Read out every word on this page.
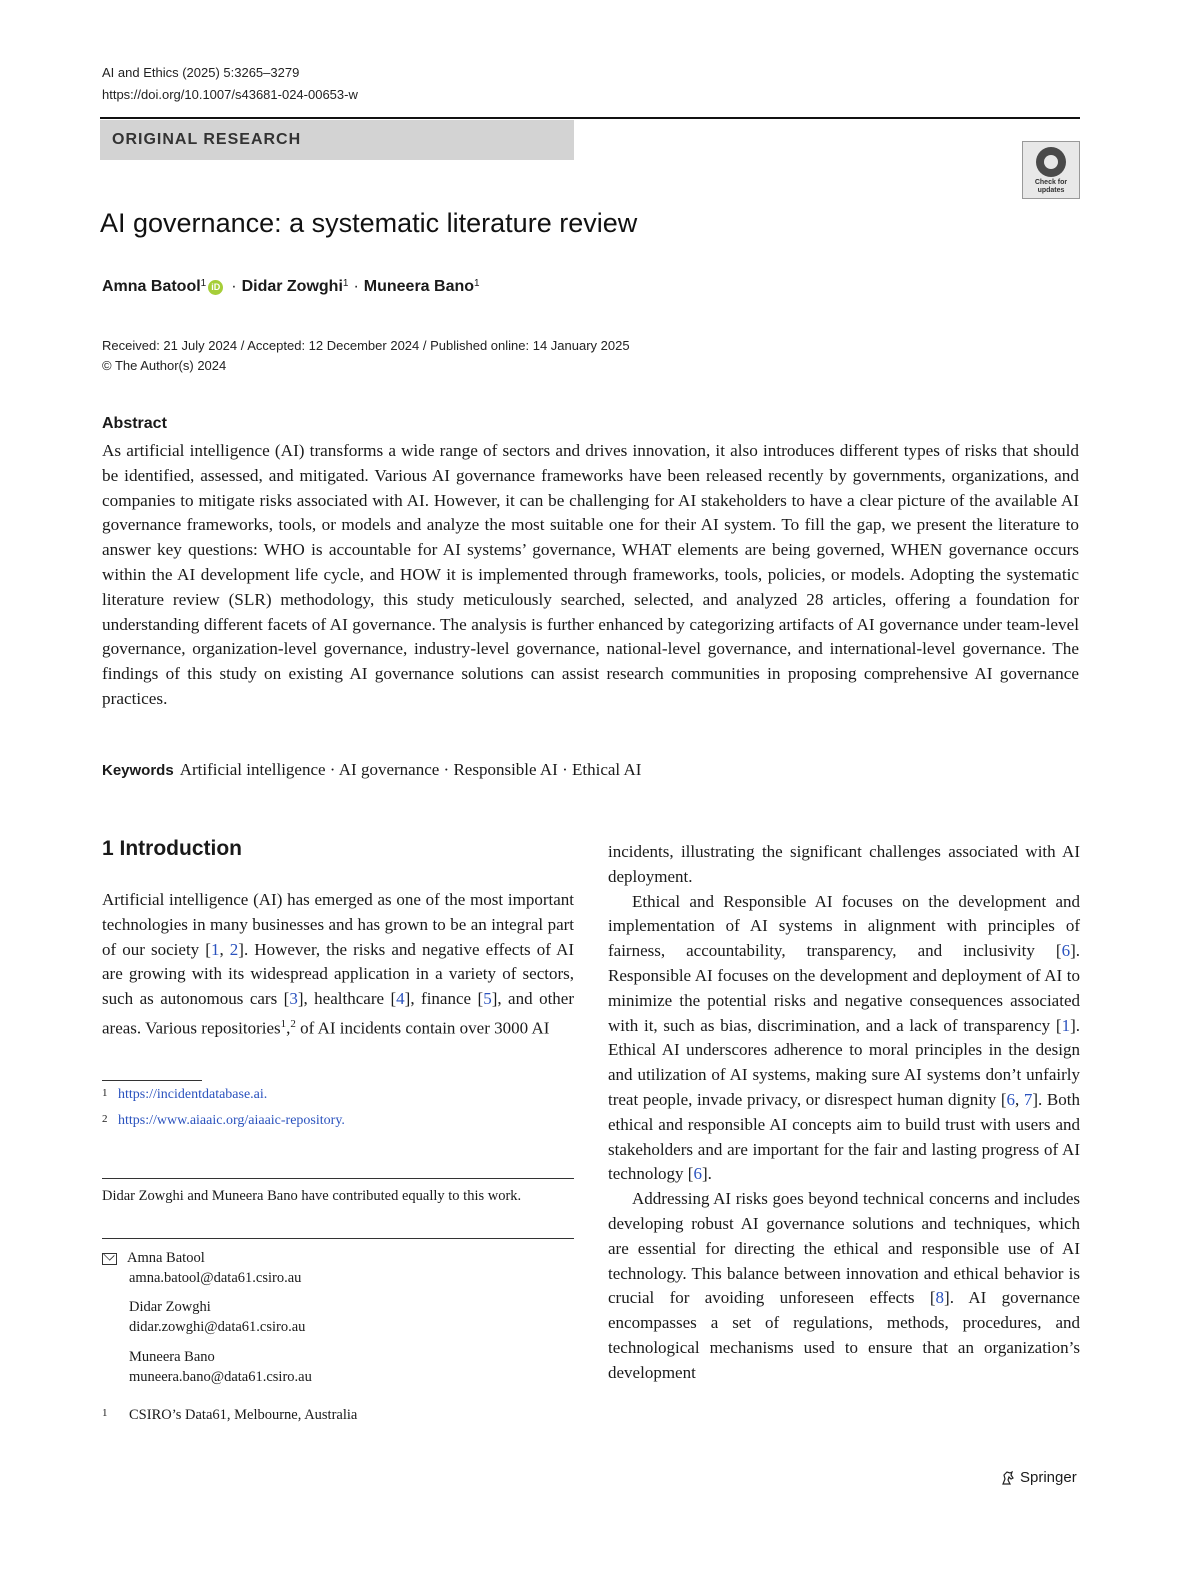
AI and Ethics (2025) 5:3265–3279
https://doi.org/10.1007/s43681-024-00653-w
ORIGINAL RESEARCH
Check for updates
AI governance: a systematic literature review
Amna Batool$^1$ iD · Didar Zowghi$^1$ · Muneera Bano$^1$
Received: 21 July 2024 / Accepted: 12 December 2024 / Published online: 14 January 2025
© The Author(s) 2024
Abstract
As artificial intelligence (AI) transforms a wide range of sectors and drives innovation, it also introduces different types of risks that should be identified, assessed, and mitigated. Various AI governance frameworks have been released recently by governments, organizations, and companies to mitigate risks associated with AI. However, it can be challenging for AI stakeholders to have a clear picture of the available AI governance frameworks, tools, or models and analyze the most suitable one for their AI system. To fill the gap, we present the literature to answer key questions: WHO is accountable for AI systems’ governance, WHAT elements are being governed, WHEN governance occurs within the AI development life cycle, and HOW it is implemented through frameworks, tools, policies, or models. Adopting the systematic literature review (SLR) methodology, this study meticulously searched, selected, and analyzed 28 articles, offering a foundation for understanding different facets of AI governance. The analysis is further enhanced by categorizing artifacts of AI governance under team-level governance, organization-level governance, industry-level governance, national-level governance, and international-level governance. The findings of this study on existing AI governance solutions can assist research communities in proposing comprehensive AI governance practices.
Keywords Artificial intelligence · AI governance · Responsible AI · Ethical AI
1 Introduction
Artificial intelligence (AI) has emerged as one of the most important technologies in many businesses and has grown to be an integral part of our society [1, 2]. However, the risks and negative effects of AI are growing with its widespread application in a variety of sectors, such as autonomous cars [3], healthcare [4], finance [5], and other areas. Various repositories$^1$,$^2$ of AI incidents contain over 3000 AI

incidents, illustrating the significant challenges associated with AI deployment.

Ethical and Responsible AI focuses on the development and implementation of AI systems in alignment with principles of fairness, accountability, transparency, and inclusivity [6]. Responsible AI focuses on the development and deployment of AI to minimize the potential risks and negative consequences associated with it, such as bias, discrimination, and a lack of transparency [1]. Ethical AI underscores adherence to moral principles in the design and utilization of AI systems, making sure AI systems don’t unfairly treat people, invade privacy, or disrespect human dignity [6, 7]. Both ethical and responsible AI concepts aim to build trust with users and stakeholders and are important for the fair and lasting progress of AI technology [6].

Addressing AI risks goes beyond technical concerns and includes developing robust AI governance solutions and techniques, which are essential for directing the ethical and responsible use of AI technology. This balance between innovation and ethical behavior is crucial for avoiding unforeseen effects [8]. AI governance encompasses a set of regulations, methods, procedures, and technological mechanisms used to ensure that an organization’s development

1 https://incidentdatabase.ai.
2 https://www.aiaaic.org/aiaaic-repository.
Didar Zowghi and Muneera Bano have contributed equally to this work.
Amna Batool
amna.batool@data61.csiro.au
Didar Zowghi
didar.zowghi@data61.csiro.au
Muneera Bano
muneera.bano@data61.csiro.au
1 CSIRO’s Data61, Melbourne, Australia
Springer
